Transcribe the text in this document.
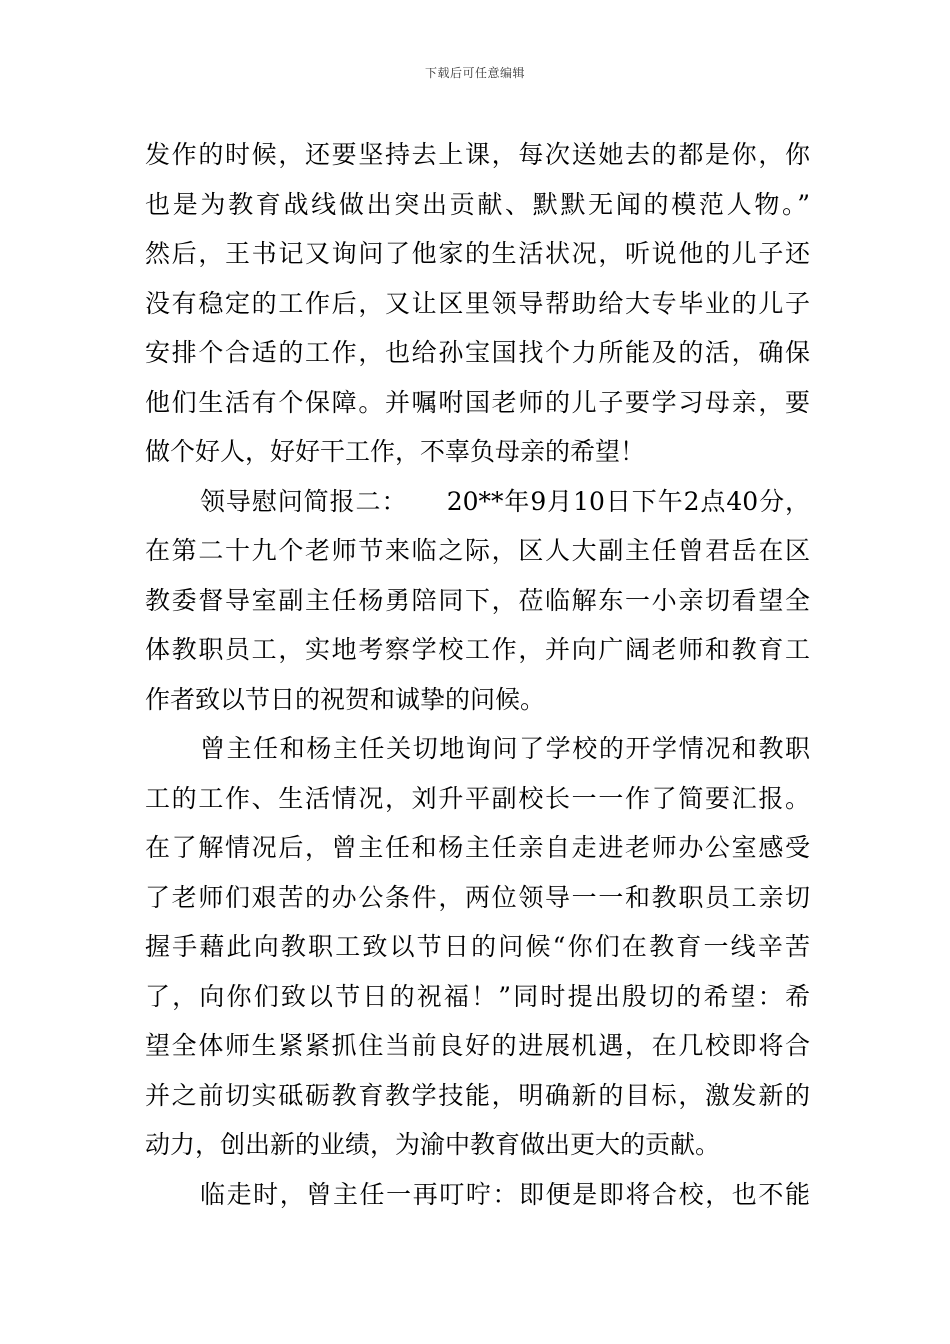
下载后可任意编辑
发作的时候，还要坚持去上课，每次送她去的都是你，你
也是为教育战线做出突出贡献、默默无闻的模范人物。”
然后，王书记又询问了他家的生活状况，听说他的儿子还
没有稳定的工作后，又让区里领导帮助给大专毕业的儿子
安排个合适的工作，也给孙宝国找个力所能及的活，确保
他们生活有个保障。并嘱咐国老师的儿子要学习母亲，要
做个好人，好好干工作，不辜负母亲的希望！
领导慰问简报二：　　20**年9月10日下午2点40分，
在第二十九个老师节来临之际，区人大副主任曾君岳在区
教委督导室副主任杨勇陪同下，莅临解东一小亲切看望全
体教职员工，实地考察学校工作，并向广阔老师和教育工
作者致以节日的祝贺和诚挚的问候。
曾主任和杨主任关切地询问了学校的开学情况和教职
工的工作、生活情况，刘升平副校长一一作了简要汇报。
在了解情况后，曾主任和杨主任亲自走进老师办公室感受
了老师们艰苦的办公条件，两位领导一一和教职员工亲切
握手藉此向教职工致以节日的问候“你们在教育一线辛苦
了，向你们致以节日的祝福！”同时提出殷切的希望：希
望全体师生紧紧抓住当前良好的进展机遇，在几校即将合
并之前切实砥砺教育教学技能，明确新的目标，激发新的
动力，创出新的业绩，为渝中教育做出更大的贡献。
临走时，曾主任一再叮咛：即便是即将合校，也不能
